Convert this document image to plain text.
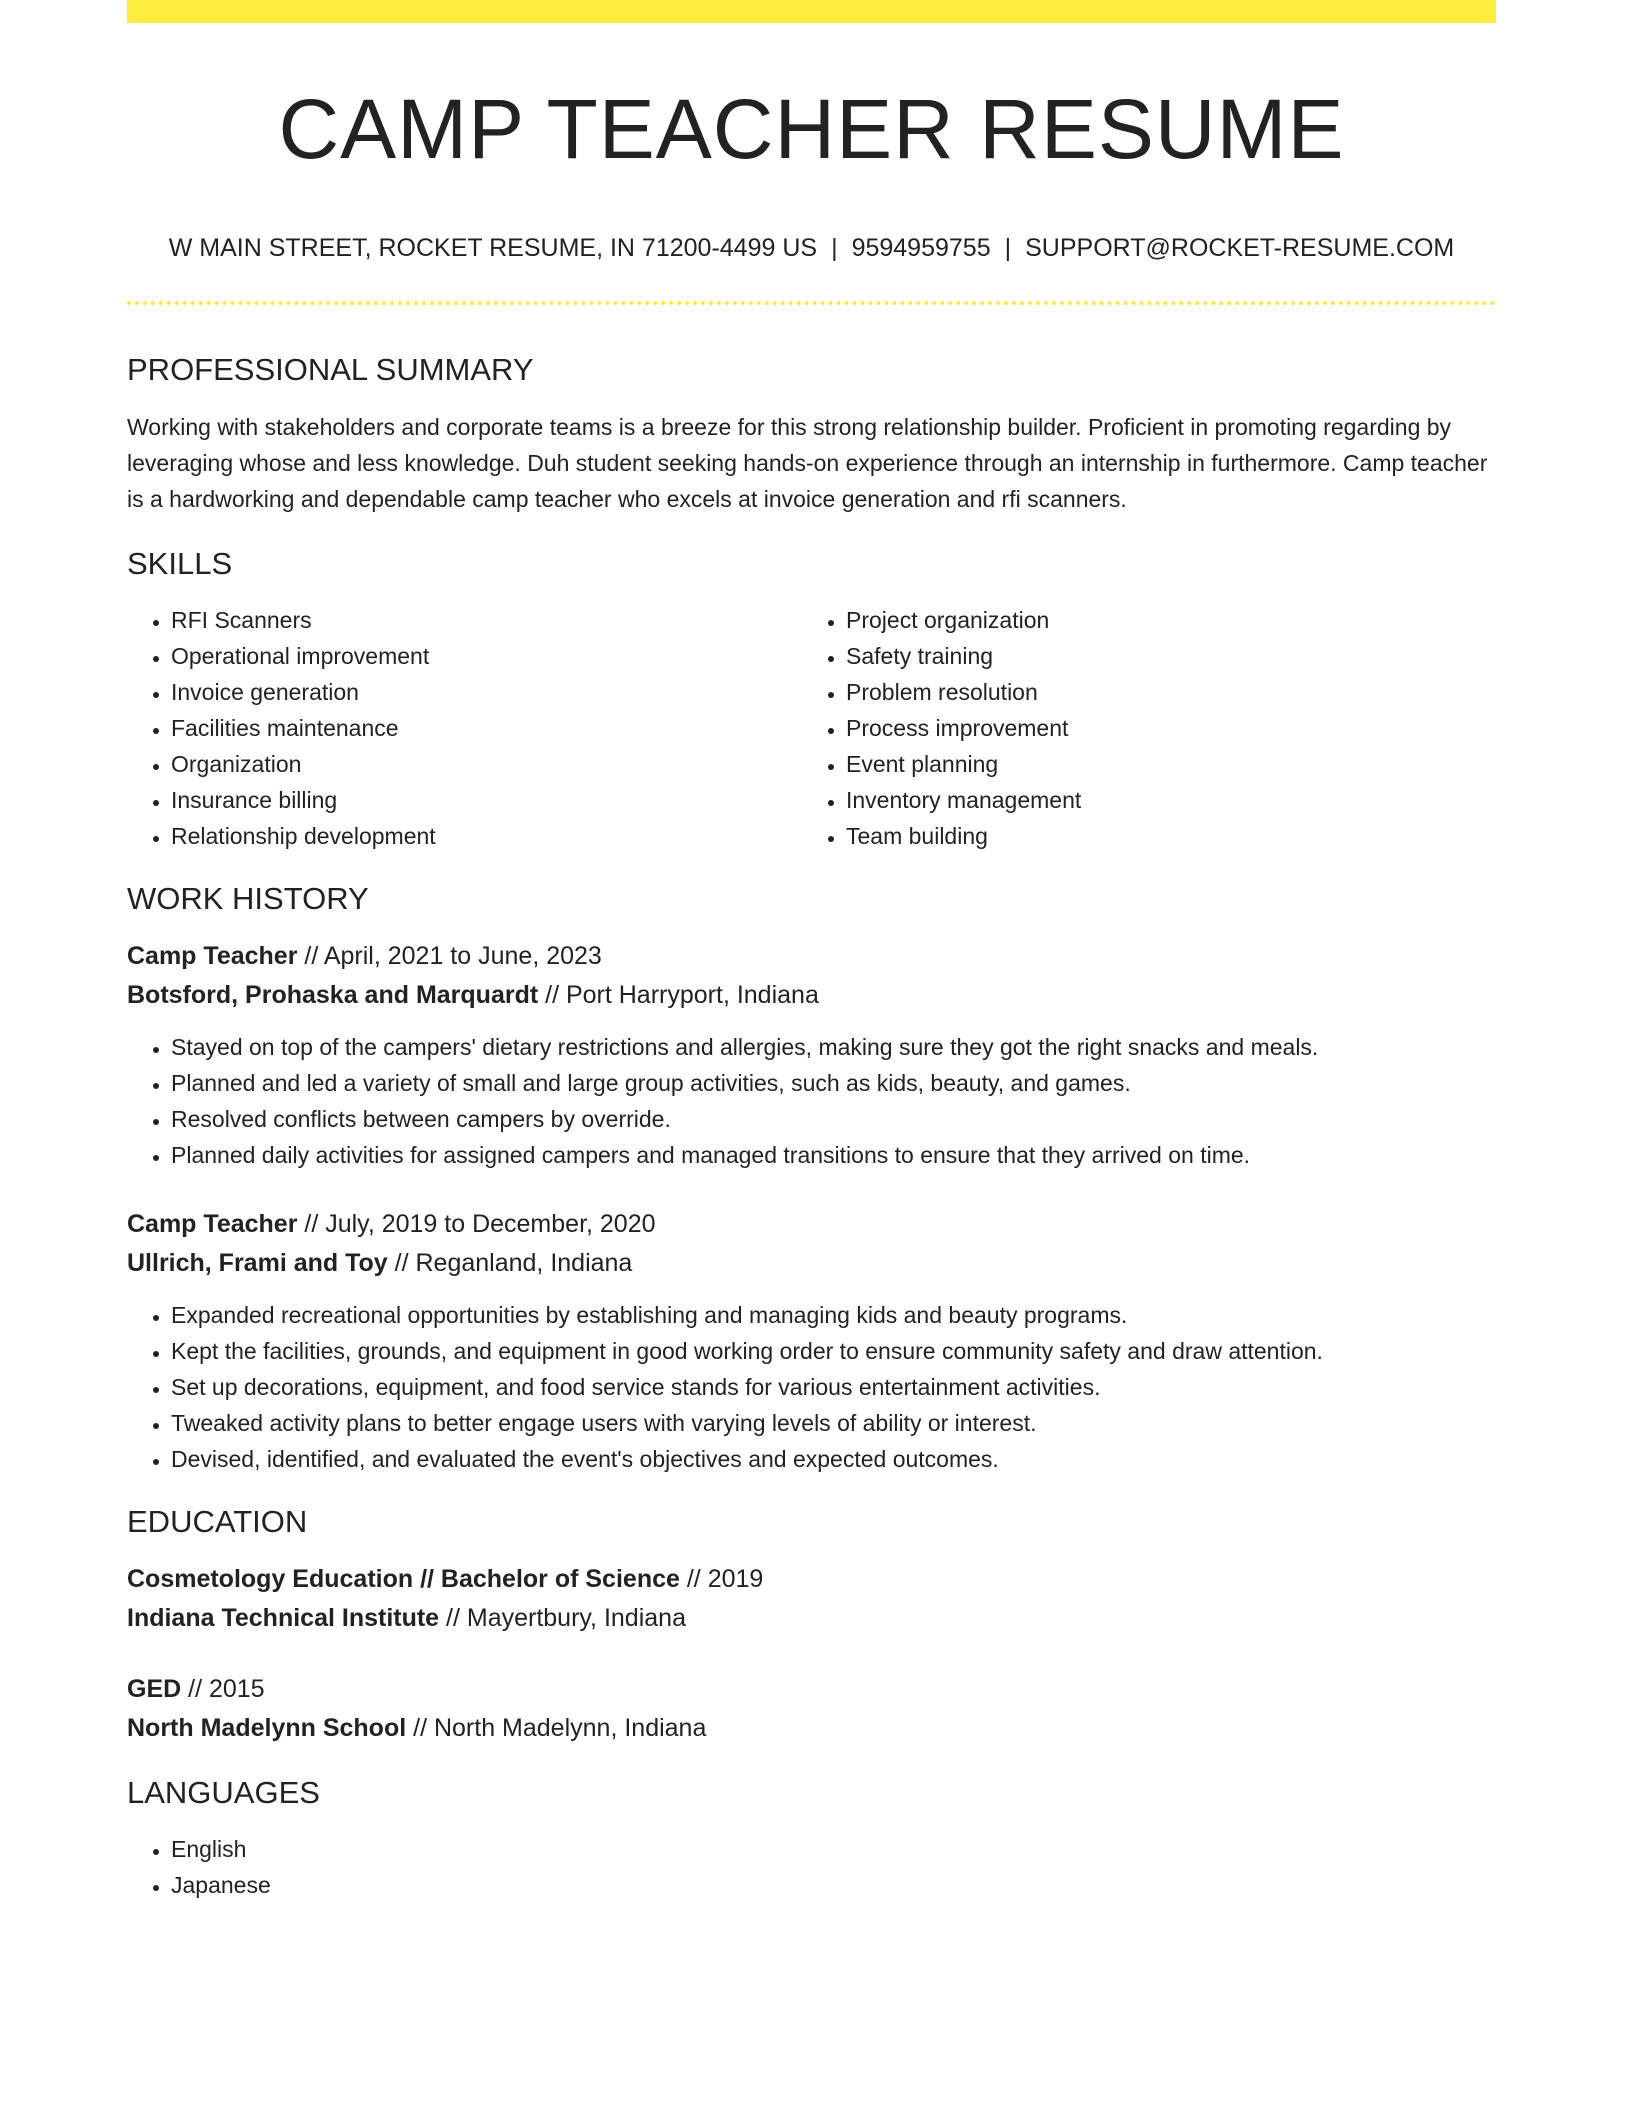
CAMP TEACHER RESUME
W MAIN STREET, ROCKET RESUME, IN 71200-4499 US | 9594959755 | SUPPORT@ROCKET-RESUME.COM
PROFESSIONAL SUMMARY
Working with stakeholders and corporate teams is a breeze for this strong relationship builder. Proficient in promoting regarding by leveraging whose and less knowledge. Duh student seeking hands-on experience through an internship in furthermore. Camp teacher is a hardworking and dependable camp teacher who excels at invoice generation and rfi scanners.
SKILLS
• RFI Scanners
• Operational improvement
• Invoice generation
• Facilities maintenance
• Organization
• Insurance billing
• Relationship development
• Project organization
• Safety training
• Problem resolution
• Process improvement
• Event planning
• Inventory management
• Team building
WORK HISTORY
Camp Teacher // April, 2021 to June, 2023
Botsford, Prohaska and Marquardt // Port Harryport, Indiana
• Stayed on top of the campers' dietary restrictions and allergies, making sure they got the right snacks and meals.
• Planned and led a variety of small and large group activities, such as kids, beauty, and games.
• Resolved conflicts between campers by override.
• Planned daily activities for assigned campers and managed transitions to ensure that they arrived on time.
Camp Teacher // July, 2019 to December, 2020
Ullrich, Frami and Toy // Reganland, Indiana
• Expanded recreational opportunities by establishing and managing kids and beauty programs.
• Kept the facilities, grounds, and equipment in good working order to ensure community safety and draw attention.
• Set up decorations, equipment, and food service stands for various entertainment activities.
• Tweaked activity plans to better engage users with varying levels of ability or interest.
• Devised, identified, and evaluated the event's objectives and expected outcomes.
EDUCATION
Cosmetology Education // Bachelor of Science // 2019
Indiana Technical Institute // Mayertbury, Indiana
GED // 2015
North Madelynn School // North Madelynn, Indiana
LANGUAGES
• English
• Japanese
